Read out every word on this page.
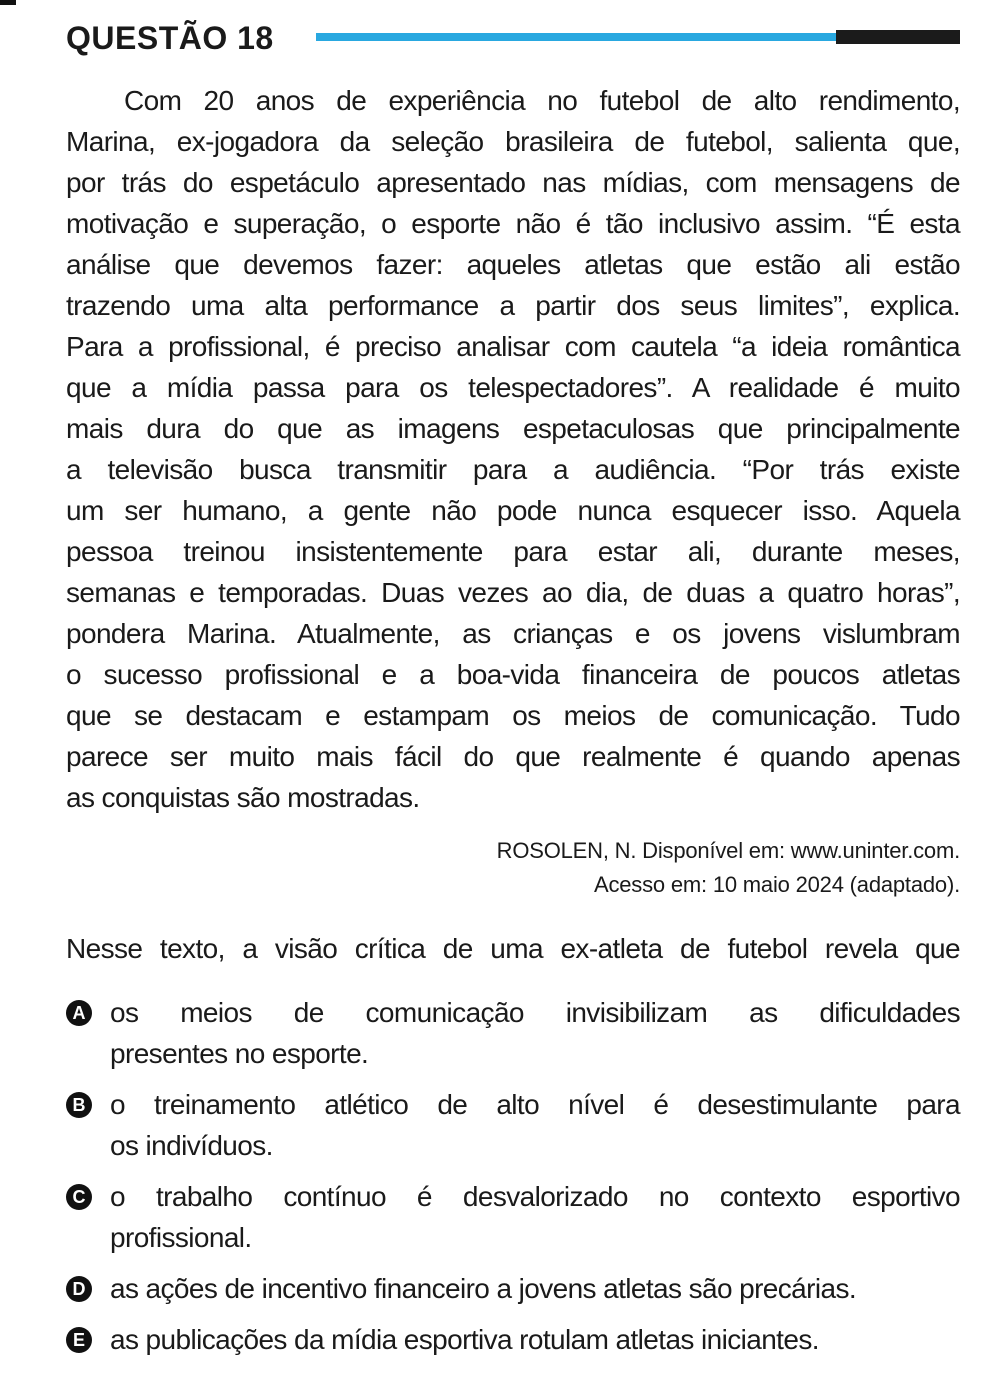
QUESTÃO 18
Com 20 anos de experiência no futebol de alto rendimento,
Marina, ex-jogadora da seleção brasileira de futebol, salienta que,
por trás do espetáculo apresentado nas mídias, com mensagens de
motivação e superação, o esporte não é tão inclusivo assim. “É esta
análise que devemos fazer: aqueles atletas que estão ali estão
trazendo uma alta performance a partir dos seus limites”, explica.
Para a profissional, é preciso analisar com cautela “a ideia romântica
que a mídia passa para os telespectadores”. A realidade é muito
mais dura do que as imagens espetaculosas que principalmente
a televisão busca transmitir para a audiência. “Por trás existe
um ser humano, a gente não pode nunca esquecer isso. Aquela
pessoa treinou insistentemente para estar ali, durante meses,
semanas e temporadas. Duas vezes ao dia, de duas a quatro horas”,
pondera Marina. Atualmente, as crianças e os jovens vislumbram
o sucesso profissional e a boa-vida financeira de poucos atletas
que se destacam e estampam os meios de comunicação. Tudo
parece ser muito mais fácil do que realmente é quando apenas
as conquistas são mostradas.
ROSOLEN, N. Disponível em: www.uninter.com.
Acesso em: 10 maio 2024 (adaptado).
Nesse texto, a visão crítica de uma ex-atleta de futebol revela que
A os meios de comunicação invisibilizam as dificuldades
presentes no esporte.
B o treinamento atlético de alto nível é desestimulante para
os indivíduos.
C o trabalho contínuo é desvalorizado no contexto esportivo
profissional.
D as ações de incentivo financeiro a jovens atletas são precárias.
E as publicações da mídia esportiva rotulam atletas iniciantes.
